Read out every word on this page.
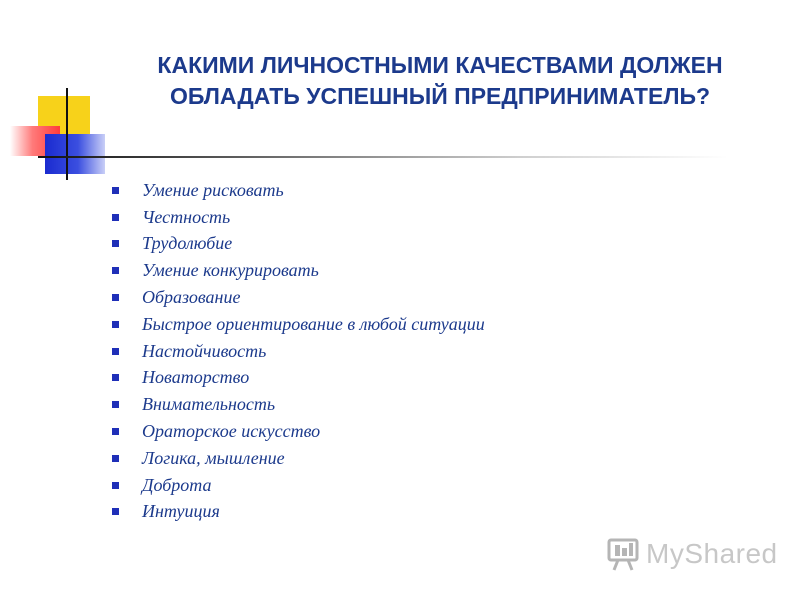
КАКИМИ ЛИЧНОСТНЫМИ КАЧЕСТВАМИ ДОЛЖЕН ОБЛАДАТЬ УСПЕШНЫЙ ПРЕДПРИНИМАТЕЛЬ?
Умение рисковать
Честность
Трудолюбие
Умение конкурировать
Образование
Быстрое ориентирование в любой ситуации
Настойчивость
Новаторство
Внимательность
Ораторское искусство
Логика, мышление
Доброта
Интуиция
MyShared
